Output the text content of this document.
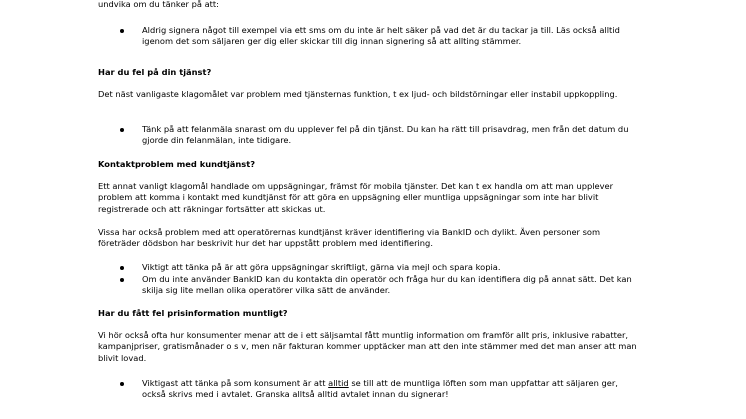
undvika om du tänker på att:

Aldrig signera något till exempel via ett sms om du inte är helt säker på vad det är du tackar ja till. Läs också alltid igenom det som säljaren ger dig eller skickar till dig innan signering så att allting stämmer.

Har du fel på din tjänst?

Det näst vanligaste klagomålet var problem med tjänsternas funktion, t ex ljud- och bildstörningar eller instabil uppkoppling.

Tänk på att felanmäla snarast om du upplever fel på din tjänst. Du kan ha rätt till prisavdrag, men från det datum du gjorde din felanmälan, inte tidigare.

Kontaktproblem med kundtjänst?

Ett annat vanligt klagomål handlade om uppsägningar, främst för mobila tjänster. Det kan t ex handla om att man upplever problem att komma i kontakt med kundtjänst för att göra en uppsägning eller muntliga uppsägningar som inte har blivit registrerade och att räkningar fortsätter att skickas ut.

Vissa har också problem med att operatörernas kundtjänst kräver identifiering via BankID och dylikt. Även personer som företräder dödsbon har beskrivit hur det har uppstått problem med identifiering.

Viktigt att tänka på är att göra uppsägningar skriftligt, gärna via mejl och spara kopia.

Om du inte använder BankID kan du kontakta din operatör och fråga hur du kan identifiera dig på annat sätt. Det kan skilja sig lite mellan olika operatörer vilka sätt de använder.

Har du fått fel prisinformation muntligt?

Vi hör också ofta hur konsumenter menar att de i ett säljsamtal fått muntlig information om framför allt pris, inklusive rabatter, kampanjpriser, gratismånader o s v, men när fakturan kommer upptäcker man att den inte stämmer med det man anser att man blivit lovad.

Viktigast att tänka på som konsument är att alltid se till att de muntliga löften som man uppfattar att säljaren ger, också skrivs med i avtalet. Granska alltså alltid avtalet innan du signerar!
